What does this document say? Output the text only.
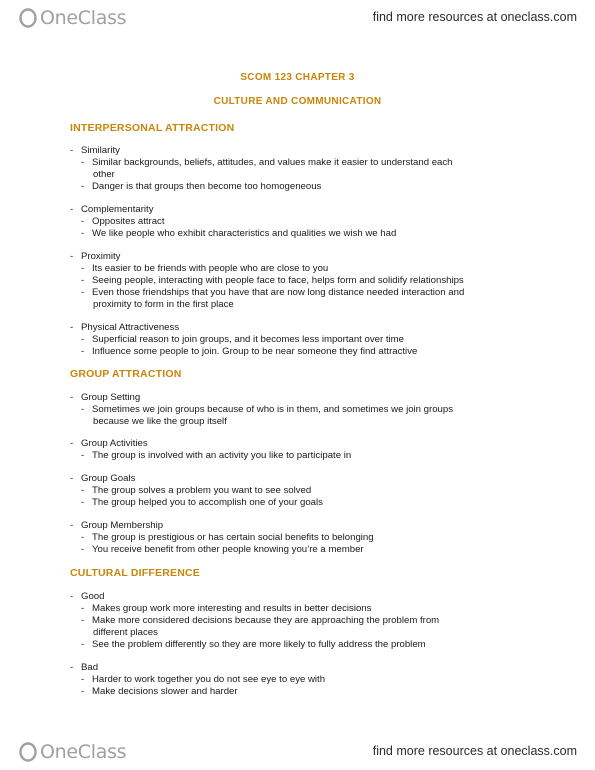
OneClass	find more resources at oneclass.com
SCOM 123 CHAPTER 3
CULTURE AND COMMUNICATION
INTERPERSONAL ATTRACTION
- Similarity
- Similar backgrounds, beliefs, attitudes, and values make it easier to understand each
other
- Danger is that groups then become too homogeneous
- Complementarity
- Opposites attract
- We like people who exhibit characteristics and qualities we wish we had
- Proximity
- Its easier to be friends with people who are close to you
- Seeing people, interacting with people face to face, helps form and solidify relationships
- Even those friendships that you have that are now long distance needed interaction and
proximity to form in the first place
- Physical Attractiveness
- Superficial reason to join groups, and it becomes less important over time
- Influence some people to join. Group to be near someone they find attractive
GROUP ATTRACTION
- Group Setting
- Sometimes we join groups because of who is in them, and sometimes we join groups
because we like the group itself
- Group Activities
- The group is involved with an activity you like to participate in
- Group Goals
- The group solves a problem you want to see solved
- The group helped you to accomplish one of your goals
- Group Membership
- The group is prestigious or has certain social benefits to belonging
- You receive benefit from other people knowing you’re a member
CULTURAL DIFFERENCE
- Good
- Makes group work more interesting and results in better decisions
- Make more considered decisions because they are approaching the problem from
different places
- See the problem differently so they are more likely to fully address the problem
- Bad
- Harder to work together you do not see eye to eye with
- Make decisions slower and harder
OneClass	find more resources at oneclass.com
